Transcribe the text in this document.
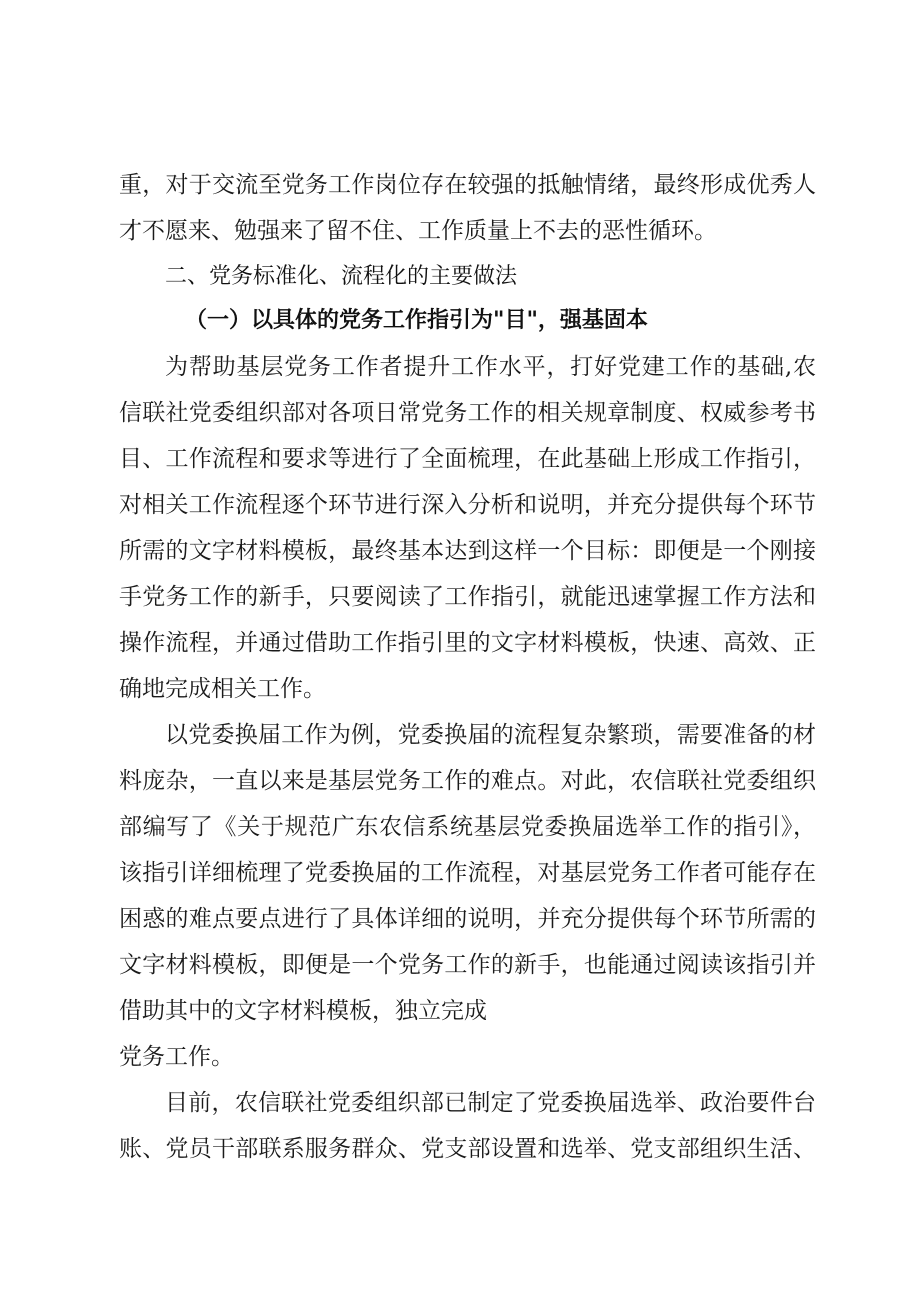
重，对于交流至党务工作岗位存在较强的抵触情绪，最终形成优秀人
才不愿来、勉强来了留不住、工作质量上不去的恶性循环。
二、党务标准化、流程化的主要做法
（一）以具体的党务工作指引为"目"，强基固本
为帮助基层党务工作者提升工作水平，打好党建工作的基础,农
信联社党委组织部对各项日常党务工作的相关规章制度、权威参考书
目、工作流程和要求等进行了全面梳理，在此基础上形成工作指引，
对相关工作流程逐个环节进行深入分析和说明，并充分提供每个环节
所需的文字材料模板，最终基本达到这样一个目标：即便是一个刚接
手党务工作的新手，只要阅读了工作指引，就能迅速掌握工作方法和
操作流程，并通过借助工作指引里的文字材料模板，快速、高效、正
确地完成相关工作。
以党委换届工作为例，党委换届的流程复杂繁琐，需要准备的材
料庞杂，一直以来是基层党务工作的难点。对此，农信联社党委组织
部编写了《关于规范广东农信系统基层党委换届选举工作的指引》，
该指引详细梳理了党委换届的工作流程，对基层党务工作者可能存在
困惑的难点要点进行了具体详细的说明，并充分提供每个环节所需的
文字材料模板，即便是一个党务工作的新手，也能通过阅读该指引并
借助其中的文字材料模板，独立完成
党务工作。
目前，农信联社党委组织部已制定了党委换届选举、政治要件台
账、党员干部联系服务群众、党支部设置和选举、党支部组织生活、
